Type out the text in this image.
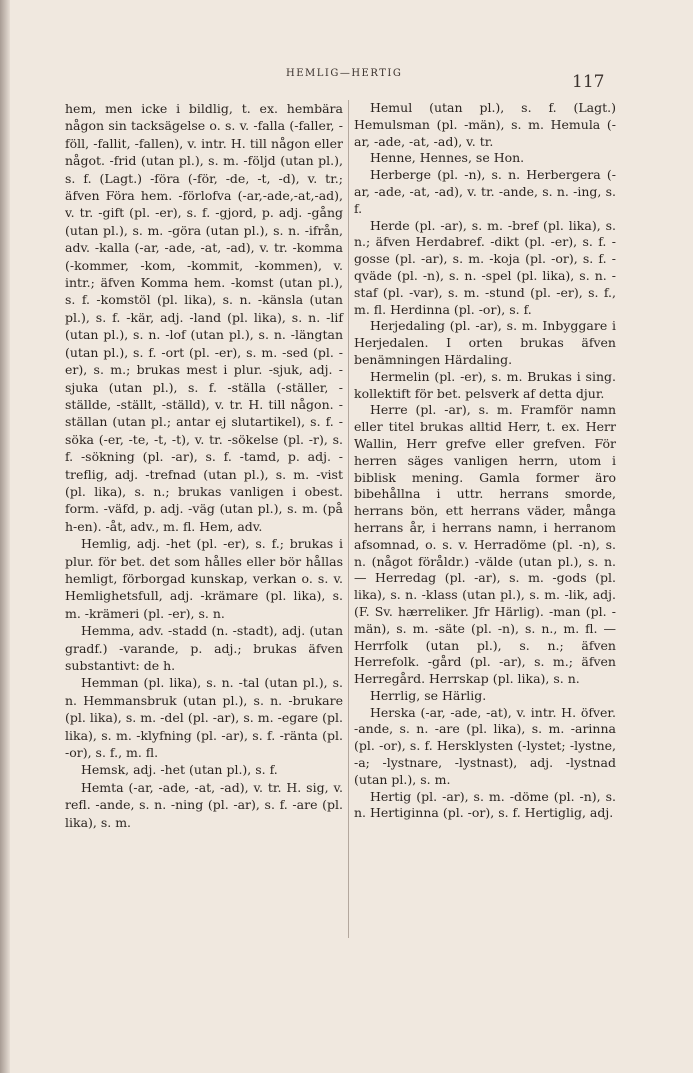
HEMLIG—HERTIG	117

hem, men icke i bildlig, t. ex. hembära någon sin tacksägelse o. s. v. -falla (-faller, -föll, -fallit, -fallen), v. intr. H. till någon eller något. -frid (utan pl.), s. m. -följd (utan pl.), s. f. (Lagt.) -föra (-för, -de, -t, -d), v. tr.; äfven Föra hem. -förlofva (-ar,-ade,-at,-ad), v. tr. -gift (pl. -er), s. f. -gjord, p. adj. -gång (utan pl.), s. m. -göra (utan pl.), s. n. -ifrån, adv. -kalla (-ar, -ade, -at, -ad), v. tr. -komma (-kommer, -kom, -kommit, -kommen), v. intr.; äfven Komma hem. -komst (utan pl.), s. f. -komstöl (pl. lika), s. n. -känsla (utan pl.), s. f. -kär, adj. -land (pl. lika), s. n. -lif (utan pl.), s. n. -lof (utan pl.), s. n. -längtan (utan pl.), s. f. -ort (pl. -er), s. m. -sed (pl. -er), s. m.; brukas mest i plur. -sjuk, adj. -sjuka (utan pl.), s. f. -ställa (-ställer, -ställde, -ställt, -ställd), v. tr. H. till någon. -ställan (utan pl.; antar ej slutartikel), s. f. -söka (-er, -te, -t, -t), v. tr. -sökelse (pl. -r), s. f. -sökning (pl. -ar), s. f. -tamd, p. adj. -treflig, adj. -trefnad (utan pl.), s. m. -vist (pl. lika), s. n.; brukas vanligen i obest. form. -väfd, p. adj. -väg (utan pl.), s. m. (på h-en). -åt, adv., m. fl. Hem, adv.

Hemlig, adj. -het (pl. -er), s. f.; brukas i plur. för bet. det som hålles eller bör hållas hemligt, förborgad kunskap, verkan o. s. v. Hemlighetsfull, adj. -krämare (pl. lika), s. m. -krämeri (pl. -er), s. n.

Hemma, adv. -stadd (n. -stadt), adj. (utan gradf.) -varande, p. adj.; brukas äfven substantivt: de h.

Hemman (pl. lika), s. n. -tal (utan pl.), s. n. Hemmansbruk (utan pl.), s. n. -brukare (pl. lika), s. m. -del (pl. -ar), s. m. -egare (pl. lika), s. m. -klyfning (pl. -ar), s. f. -ränta (pl. -or), s. f., m. fl.

Hemsk, adj. -het (utan pl.), s. f.

Hemta (-ar, -ade, -at, -ad), v. tr. H. sig, v. refl. -ande, s. n. -ning (pl. -ar), s. f. -are (pl. lika), s. m.

Hemul (utan pl.), s. f. (Lagt.) Hemulsman (pl. -män), s. m. Hemula (-ar, -ade, -at, -ad), v. tr.

Henne, Hennes, se Hon.

Herberge (pl. -n), s. n. Herbergera (-ar, -ade, -at, -ad), v. tr. -ande, s. n. -ing, s. f.

Herde (pl. -ar), s. m. -bref (pl. lika), s. n.; äfven Herdabref. -dikt (pl. -er), s. f. -gosse (pl. -ar), s. m. -koja (pl. -or), s. f. -qväde (pl. -n), s. n. -spel (pl. lika), s. n. -staf (pl. -var), s. m. -stund (pl. -er), s. f., m. fl. Herdinna (pl. -or), s. f.

Herjedaling (pl. -ar), s. m. Inbyggare i Herjedalen. I orten brukas äfven benämningen Härdaling.

Hermelin (pl. -er), s. m. Brukas i sing. kollektift för bet. pelsverk af detta djur.

Herre (pl. -ar), s. m. Framför namn eller titel brukas alltid Herr, t. ex. Herr Wallin, Herr grefve eller grefven. För herren säges vanligen herrn, utom i biblisk mening. Gamla former äro bibehållna i uttr. herrans smorde, herrans bön, ett herrans väder, många herrans år, i herrans namn, i herranom afsomnad, o. s. v. Herradöme (pl. -n), s. n. (något föråldr.) -välde (utan pl.), s. n. — Herredag (pl. -ar), s. m. -gods (pl. lika), s. n. -klass (utan pl.), s. m. -lik, adj. (F. Sv. hærreliker. Jfr Härlig). -man (pl. -män), s. m. -säte (pl. -n), s. n., m. fl. — Herrfolk (utan pl.), s. n.; äfven Herrefolk. -gård (pl. -ar), s. m.; äfven Herregård. Herrskap (pl. lika), s. n.

Herrlig, se Härlig.

Herska (-ar, -ade, -at), v. intr. H. öfver. -ande, s. n. -are (pl. lika), s. m. -arinna (pl. -or), s. f. Hersklysten (-lystet; -lystne, -a; -lystnare, -lystnast), adj. -lystnad (utan pl.), s. m.

Hertig (pl. -ar), s. m. -döme (pl. -n), s. n. Hertiginna (pl. -or), s. f. Hertiglig, adj.
